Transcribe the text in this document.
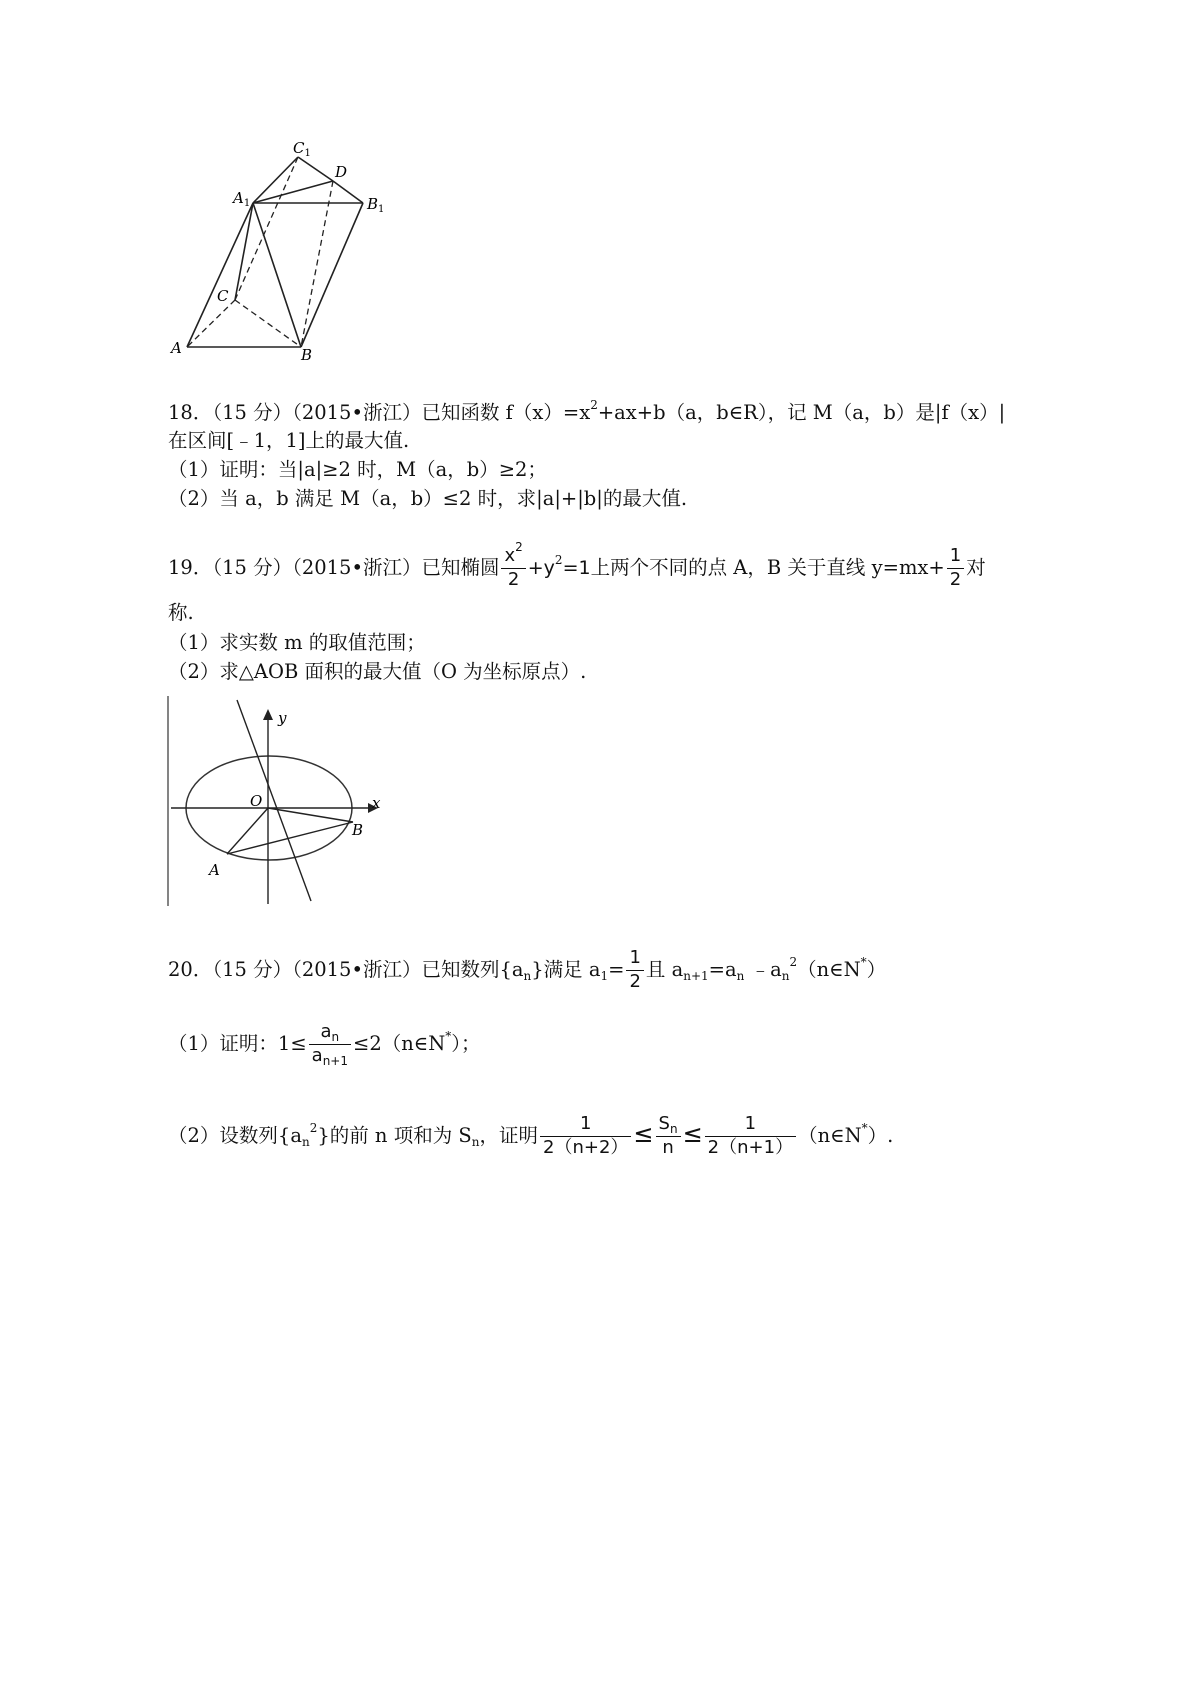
$C_1$
D
$A_1$	$B_1$
C
A	B
18．（15 分）（2015•浙江）已知函数 $f(x)=x^2+ax+b(a$，b∈R），记 M（a，b）是|f（x）|
在区间[﹣1，1]上的最大值.
（1）证明：当|a|≥2 时，M（a，b）≥2；
（2）当 a，b 满足 M（a，b）≤2 时，求|a|+|b|的最大值.
19．（15 分）（2015•浙江）已知椭圆 $\frac{x^2}{2} +y^2=1$上两个不同的点 A，B 关于直线 $y=mx+ \frac{1}{2}$ 对
称.
（1）求实数 m 的取值范围；
（2）求△AOB 面积的最大值（O 为坐标原点）.
y
x
O
B
A
20．（15 分）（2015•浙江）已知数列$\{a_n\}$满足 $a_1= \frac{1}{2}$ 且 $a_{n+1}=a_n$ $﹣a_n^2(n\in N^*)$
（1）证明：$1\le \frac{a_n}{a_{n+1}}$ ≤2（n∈N*）；
（2）设数列$\{a_n^2\}$的前 n 项和为 $S_n$，证明 $\frac{1}{2(n+2)} \le \frac{S_n}{n} \le \frac{1}{2(n+1)}$ （n∈N*）.
